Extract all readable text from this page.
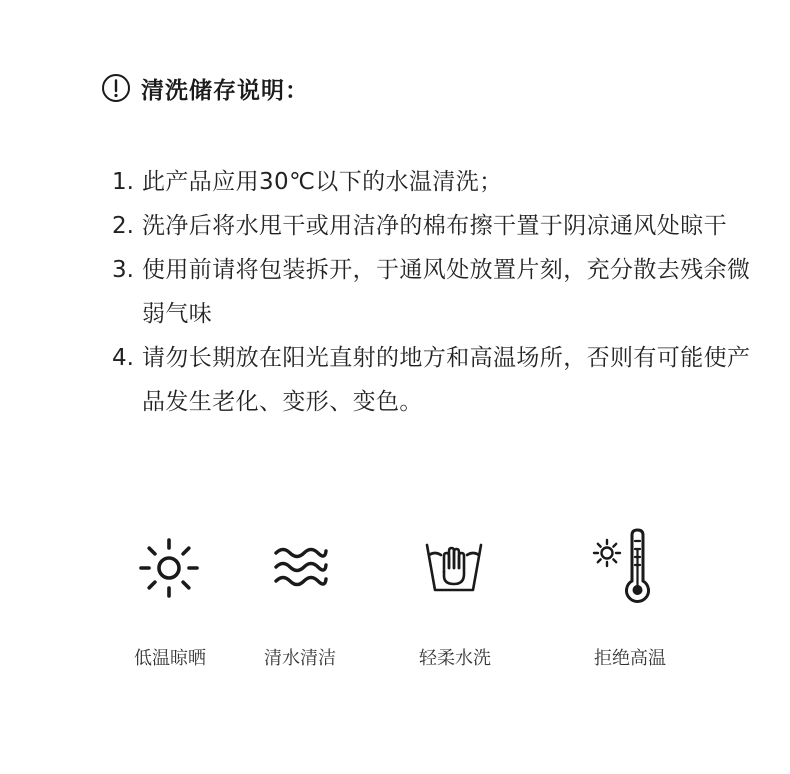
清洗储存说明：
1. 此产品应用30℃以下的水温清洗；
2. 洗净后将水甩干或用洁净的棉布擦干置于阴凉通风处晾干
3. 使用前请将包装拆开，于通风处放置片刻，充分散去残余微弱气味
4. 请勿长期放在阳光直射的地方和高温场所，否则有可能使产品发生老化、变形、变色。
低温晾晒	清水清洁	轻柔水洗	拒绝高温
